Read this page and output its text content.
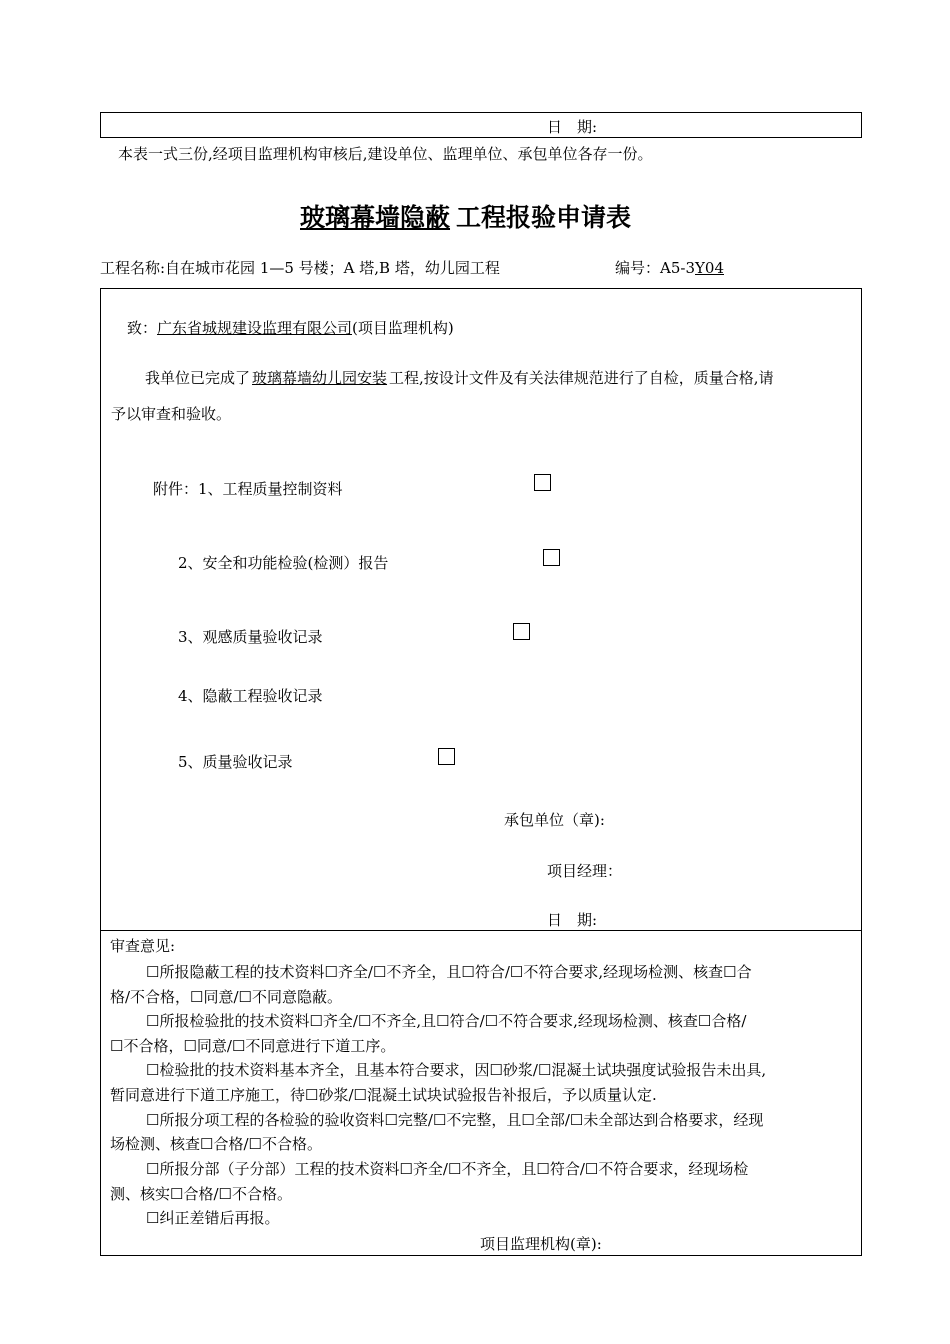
日　期:
本表一式三份,经项目监理机构审核后,建设单位、监理单位、承包单位各存一份。
玻璃幕墙隐蔽 工程报验申请表
工程名称:自在城市花园 1—5 号楼；A 塔,B 塔，幼儿园工程	编号：A5-3Y04
致：广东省城规建设监理有限公司(项目监理机构)
我单位已完成了 玻璃幕墙幼儿园安装 工程,按设计文件及有关法律规范进行了自检，质量合格,请
予以审查和验收。
附件：1、工程质量控制资料
2、安全和功能检验(检测）报告
3、观感质量验收记录
4、隐蔽工程验收记录
5、质量验收记录
承包单位（章):
项目经理：
日　期:
审查意见:
☐所报隐蔽工程的技术资料☐齐全/☐不齐全，且☐符合/☐不符合要求,经现场检测、核查☐合
格/不合格，☐同意/☐不同意隐蔽。
☐所报检验批的技术资料☐齐全/☐不齐全,且☐符合/☐不符合要求,经现场检测、核查☐合格/
☐不合格，☐同意/☐不同意进行下道工序。
☐检验批的技术资料基本齐全，且基本符合要求，因☐砂浆/☐混凝土试块强度试验报告未出具,
暂同意进行下道工序施工，待☐砂浆/☐混凝土试块试验报告补报后，予以质量认定.
☐所报分项工程的各检验的验收资料☐完整/☐不完整，且☐全部/☐未全部达到合格要求，经现
场检测、核查☐合格/☐不合格。
☐所报分部（子分部）工程的技术资料☐齐全/☐不齐全，且☐符合/☐不符合要求，经现场检
测、核实☐合格/☐不合格。
☐纠正差错后再报。
项目监理机构(章):
